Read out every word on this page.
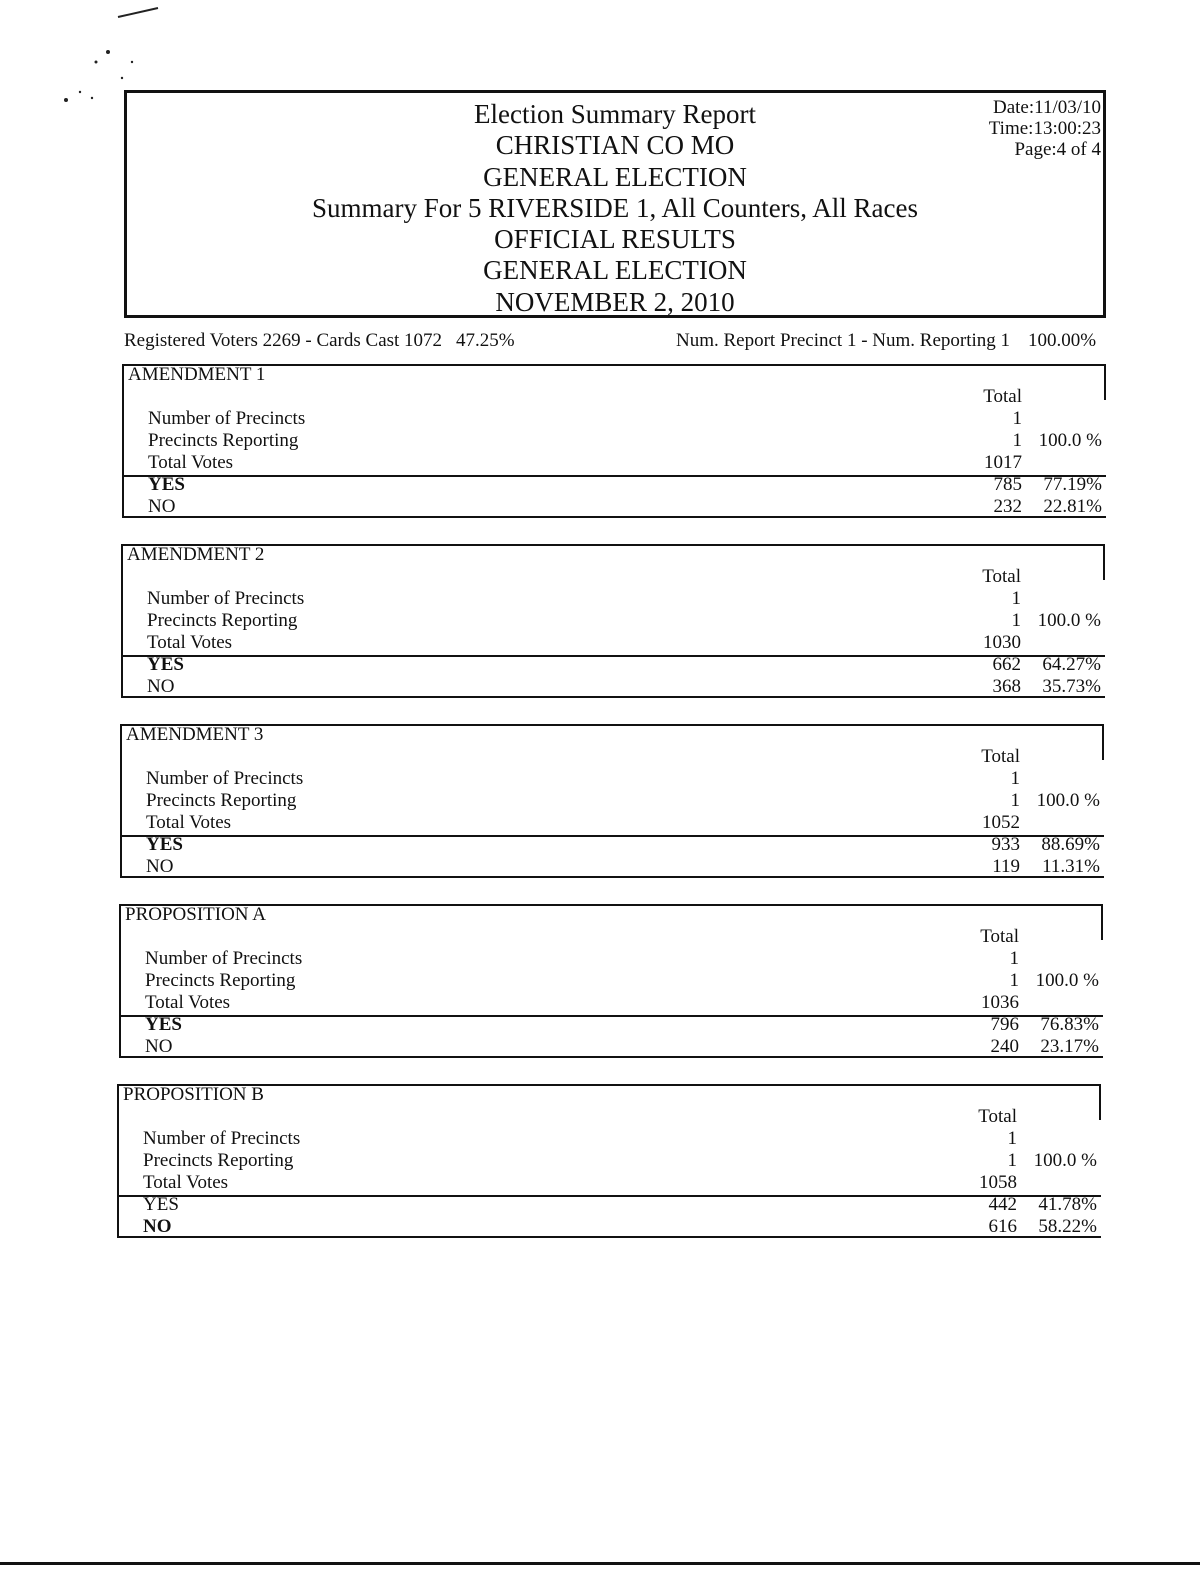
Election Summary Report
CHRISTIAN CO MO
GENERAL ELECTION
Summary For 5 RIVERSIDE 1, All Counters, All Races
OFFICIAL RESULTS
GENERAL ELECTION
NOVEMBER 2, 2010
Date:11/03/10
Time:13:00:23
Page:4 of 4
Registered Voters 2269 - Cards Cast 1072 47.25%	Num. Report Precinct 1 - Num. Reporting 1 100.00%
AMENDMENT 1
Total
Number of Precincts	1
Precincts Reporting	1 100.0 %
Total Votes	1017
YES	785 77.19%
NO	232 22.81%
AMENDMENT 2
Total
Number of Precincts	1
Precincts Reporting	1 100.0 %
Total Votes	1030
YES	662 64.27%
NO	368 35.73%
AMENDMENT 3
Total
Number of Precincts	1
Precincts Reporting	1 100.0 %
Total Votes	1052
YES	933 88.69%
NO	119 11.31%
PROPOSITION A
Total
Number of Precincts	1
Precincts Reporting	1 100.0 %
Total Votes	1036
YES	796 76.83%
NO	240 23.17%
PROPOSITION B
Total
Number of Precincts	1
Precincts Reporting	1 100.0 %
Total Votes	1058
YES	442 41.78%
NO	616 58.22%
